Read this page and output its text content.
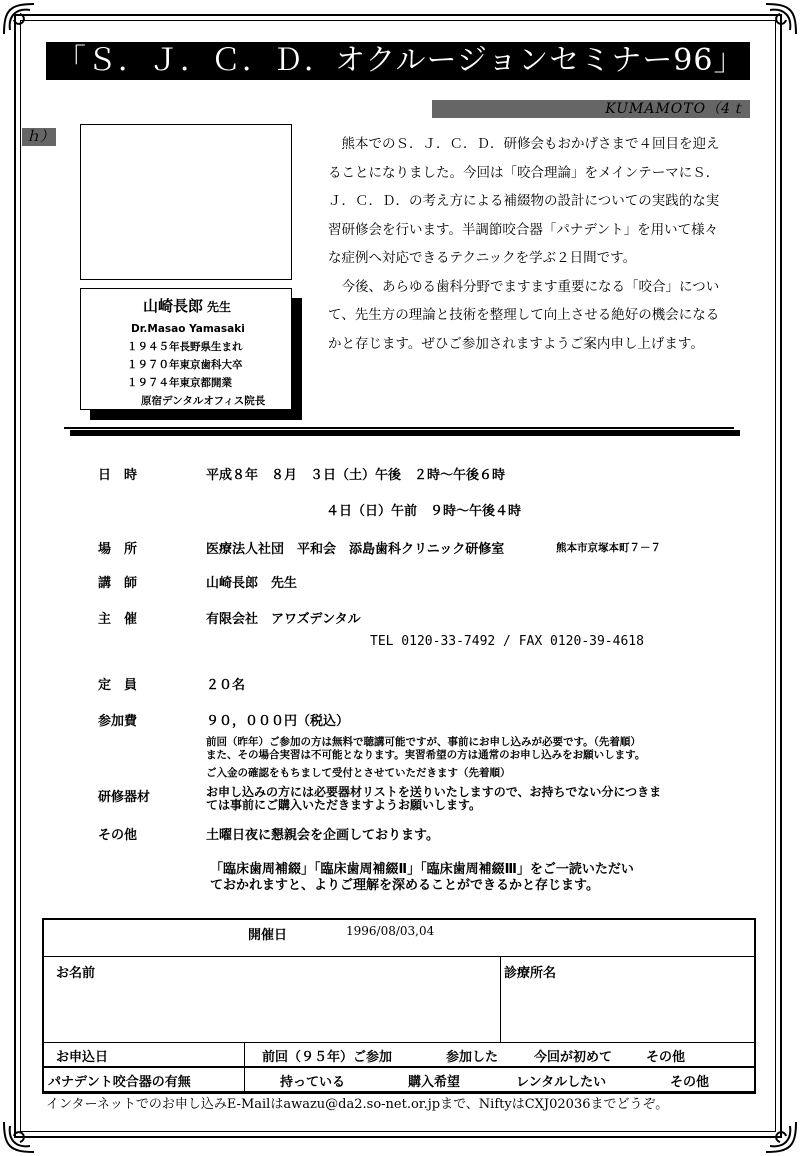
「Ｓ．Ｊ．Ｃ．Ｄ．オクルージョンセミナー96」
KUMAMOTO（4ｔ
ｈ）
山崎長郎 先生
Dr.Masao Yamasaki
１９４５年長野県生まれ
１９７０年東京歯科大卒
１９７４年東京都開業
原宿デンタルオフィス院長

熊本でのＳ．Ｊ．Ｃ．Ｄ．研修会もおかげさまで４回目を迎えることになりました。今回は「咬合理論」をメインテーマにＳ．Ｊ．Ｃ．Ｄ．の考え方による補綴物の設計についての実践的な実習研修会を行います。半調節咬合器「パナデント」を用いて様々な症例へ対応できるテクニックを学ぶ２日間です。

今後、あらゆる歯科分野でますます重要になる「咬合」について、先生方の理論と技術を整理して向上させる絶好の機会になるかと存じます。ぜひご参加されますようご案内申し上げます。

日　時	平成８年　８月　３日（土）午後　２時〜午後６時
４日（日）午前　９時〜午後４時
場　所	医療法人社団　平和会　添島歯科クリニック研修室	熊本市京塚本町７－７
講　師	山崎長郎　先生
主　催	有限会社　アワズデンタル
TEL 0120-33-7492 / FAX 0120-39-4618
定　員	２０名
参加費	９０，０００円（税込）
前回（昨年）ご参加の方は無料で聴講可能ですが、事前にお申し込みが必要です。（先着順）
また、その場合実習は不可能となります。実習希望の方は通常のお申し込みをお願いします。
ご入金の確認をもちまして受付とさせていただきます（先着順）
研修器材	お申し込みの方には必要器材リストを送りいたしますので、お持ちでない分につきま
ては事前にご購入いただきますようお願いします。
その他	土曜日夜に懇親会を企画しております。
「臨床歯周補綴」「臨床歯周補綴Ⅱ」「臨床歯周補綴Ⅲ」をご一読いただい
ておかれますと、よりご理解を深めることができるかと存じます。
開催日	1996/08/03,04
お名前	診療所名
お申込日	前回（９５年）ご参加	参加した	今回が初めて	その他
パナデント咬合器の有無	持っている	購入希望	レンタルしたい	その他
インターネットでのお申し込みE-Mailはawazu@da2.so-net.or.jpまで、NiftyはCXJ02036までどうぞ。
